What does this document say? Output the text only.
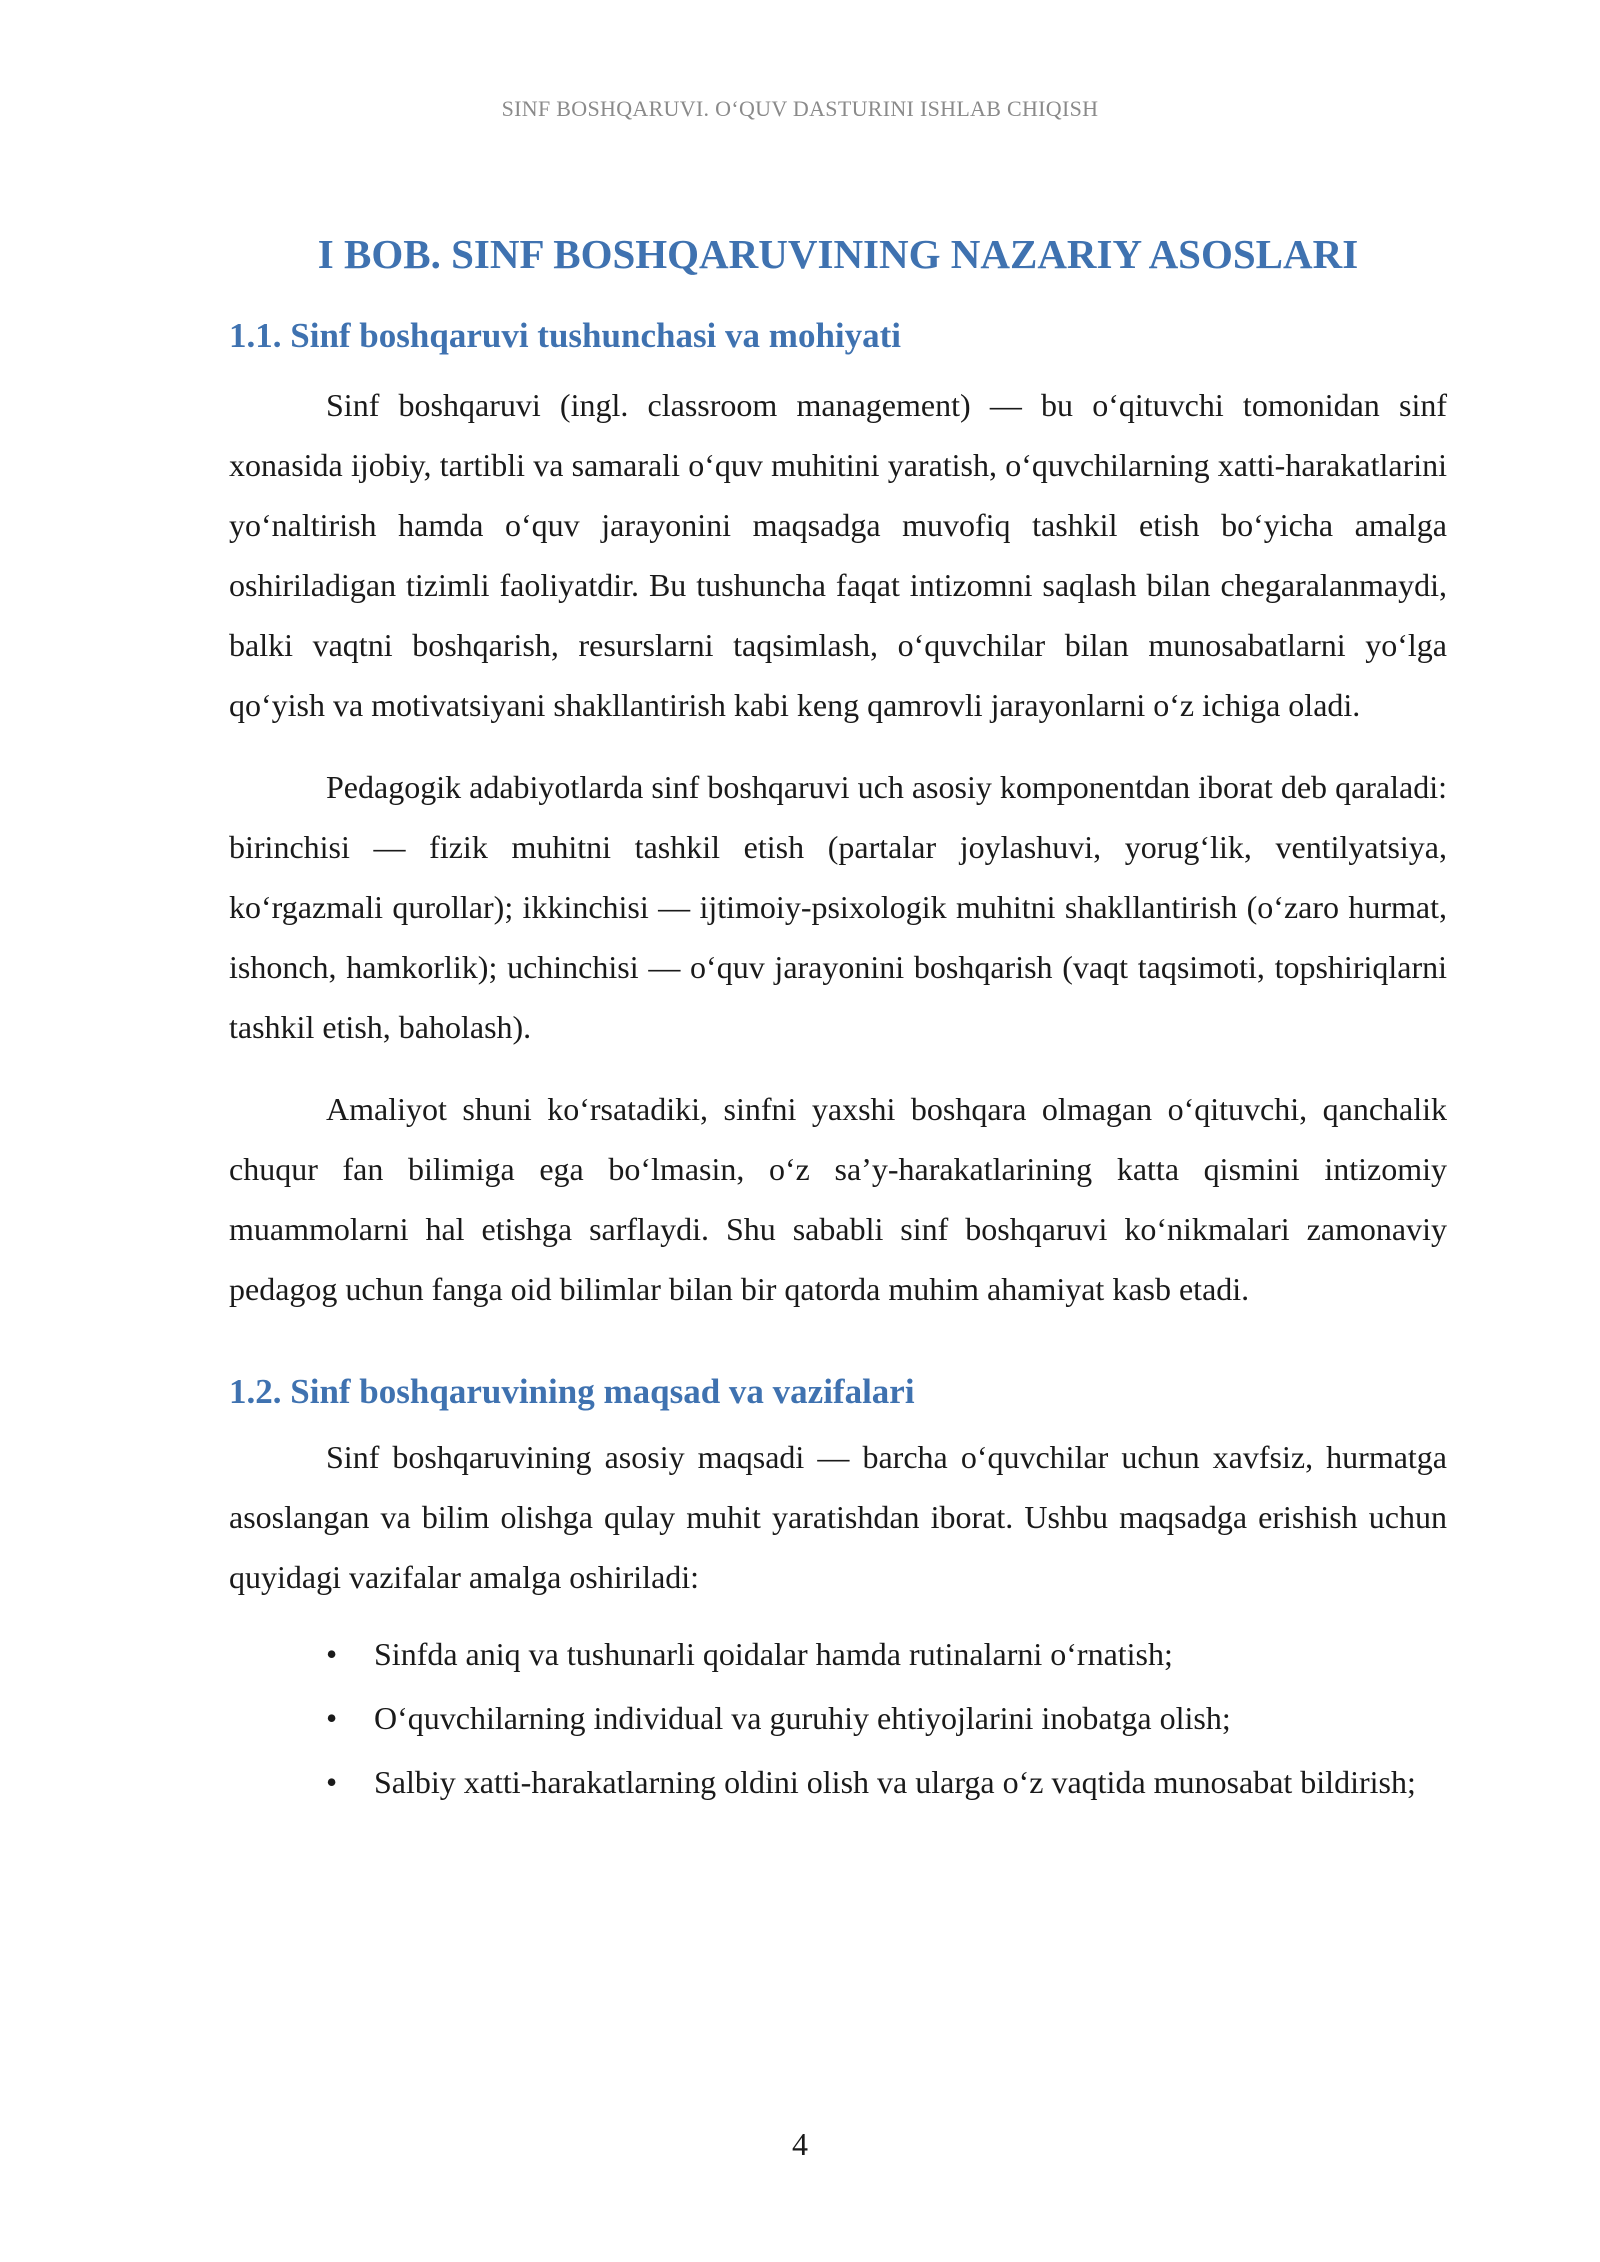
SINF BOSHQARUVI. O‘QUV DASTURINI ISHLAB CHIQISH
I BOB. SINF BOSHQARUVINING NAZARIY ASOSLARI
1.1. Sinf boshqaruvi tushunchasi va mohiyati

Sinf boshqaruvi (ingl. classroom management) — bu o‘qituvchi tomonidan sinf xonasida ijobiy, tartibli va samarali o‘quv muhitini yaratish, o‘quvchilarning xatti-harakatlarini yo‘naltirish hamda o‘quv jarayonini maqsadga muvofiq tashkil etish bo‘yicha amalga oshiriladigan tizimli faoliyatdir. Bu tushuncha faqat intizomni saqlash bilan chegaralanmaydi, balki vaqtni boshqarish, resurslarni taqsimlash, o‘quvchilar bilan munosabatlarni yo‘lga qo‘yish va motivatsiyani shakllantirish kabi keng qamrovli jarayonlarni o‘z ichiga oladi.

Pedagogik adabiyotlarda sinf boshqaruvi uch asosiy komponentdan iborat deb qaraladi: birinchisi — fizik muhitni tashkil etish (partalar joylashuvi, yorug‘lik, ventilyatsiya, ko‘rgazmali qurollar); ikkinchisi — ijtimoiy-psixologik muhitni shakllantirish (o‘zaro hurmat, ishonch, hamkorlik); uchinchisi — o‘quv jarayonini boshqarish (vaqt taqsimoti, topshiriqlarni tashkil etish, baholash).

Amaliyot shuni ko‘rsatadiki, sinfni yaxshi boshqara olmagan o‘qituvchi, qanchalik chuqur fan bilimiga ega bo‘lmasin, o‘z sa’y-harakatlarining katta qismini intizomiy muammolarni hal etishga sarflaydi. Shu sababli sinf boshqaruvi ko‘nikmalari zamonaviy pedagog uchun fanga oid bilimlar bilan bir qatorda muhim ahamiyat kasb etadi.

1.2. Sinf boshqaruvining maqsad va vazifalari

Sinf boshqaruvining asosiy maqsadi — barcha o‘quvchilar uchun xavfsiz, hurmatga asoslangan va bilim olishga qulay muhit yaratishdan iborat. Ushbu maqsadga erishish uchun quyidagi vazifalar amalga oshiriladi:

• Sinfda aniq va tushunarli qoidalar hamda rutinalarni o‘rnatish;
• O‘quvchilarning individual va guruhiy ehtiyojlarini inobatga olish;
• Salbiy xatti-harakatlarning oldini olish va ularga o‘z vaqtida munosabat bildirish;
4
